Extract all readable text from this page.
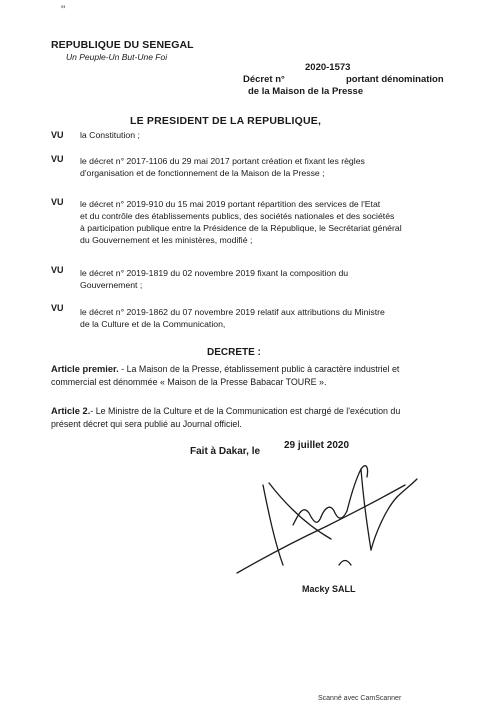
"
REPUBLIQUE DU SENEGAL
Un Peuple-Un But-Une Foi
2020-1573
Décret n°	portant dénomination
de la Maison de la Presse
LE PRESIDENT DE LA REPUBLIQUE,
VU la Constitution ;
VU le décret n° 2017-1106 du 29 mai 2017 portant création et fixant les règles
d'organisation et de fonctionnement de la Maison de la Presse ;
VU le décret n° 2019-910 du 15 mai 2019 portant répartition des services de l'Etat
et du contrôle des établissements publics, des sociétés nationales et des sociétés
à participation publique entre la Présidence de la République, le Secrétariat général
du Gouvernement et les ministères, modifié ;
VU le décret n° 2019-1819 du 02 novembre 2019 fixant la composition du
Gouvernement ;
VU le décret n° 2019-1862 du 07 novembre 2019 relatif aux attributions du Ministre
de la Culture et de la Communication,
DECRETE :
Article premier. - La Maison de la Presse, établissement public à caractère industriel et
commercial est dénommée « Maison de la Presse Babacar TOURE ».
Article 2.- Le Ministre de la Culture et de la Communication est chargé de l'exécution du
présent décret qui sera publié au Journal officiel.
Fait à Dakar, le
29 juillet 2020
Macky SALL
Scanné avec CamScanner
